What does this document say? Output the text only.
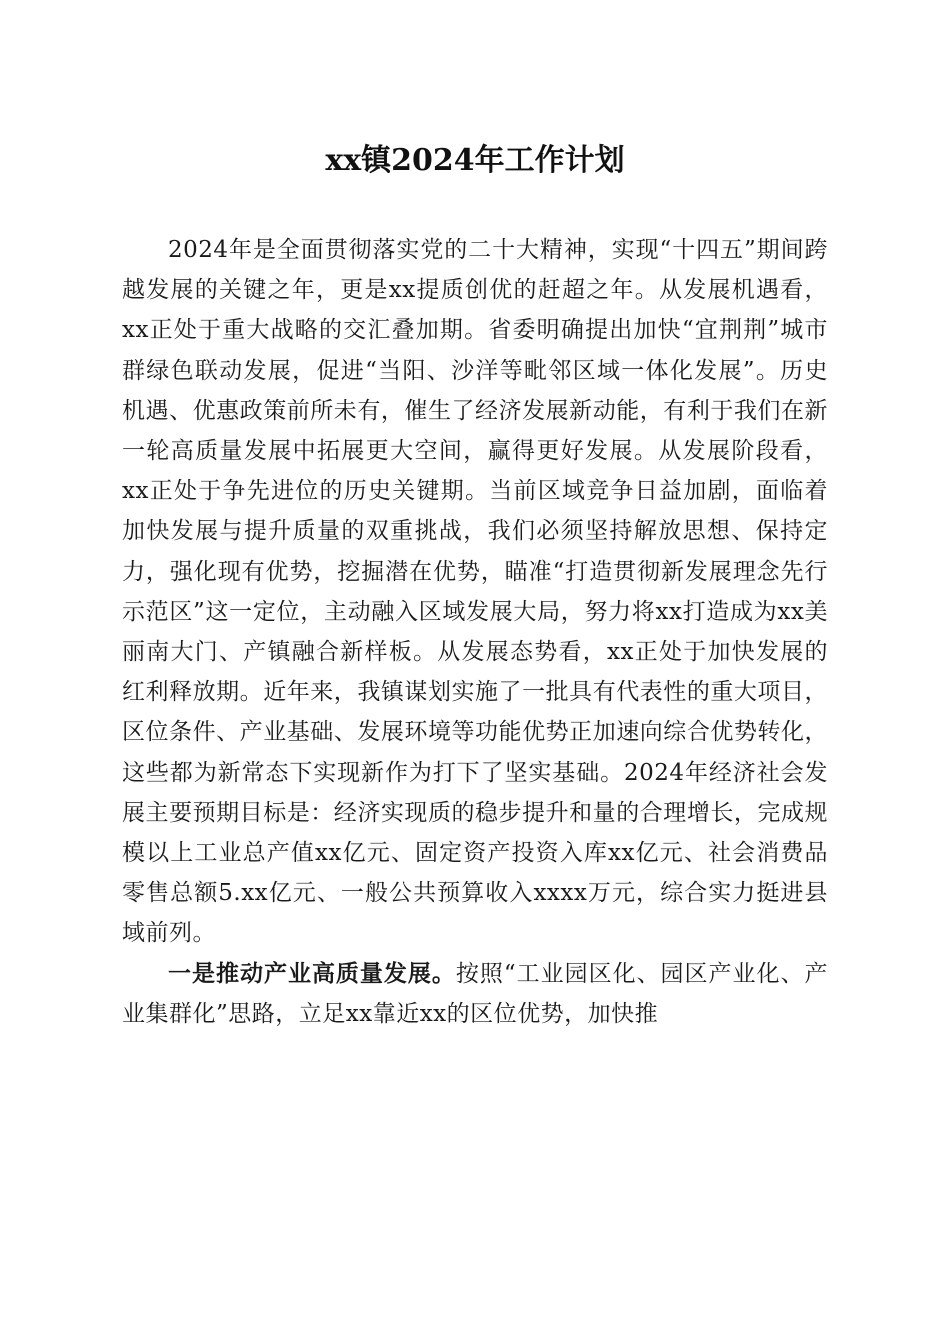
xx镇2024年工作计划

2024年是全面贯彻落实党的二十大精神，实现“十四五”期间跨越发展的关键之年，更是xx提质创优的赶超之年。从发展机遇看，xx正处于重大战略的交汇叠加期。省委明确提出加快“宜荆荆”城市群绿色联动发展，促进“当阳、沙洋等毗邻区域一体化发展”。历史机遇、优惠政策前所未有，催生了经济发展新动能，有利于我们在新一轮高质量发展中拓展更大空间，赢得更好发展。从发展阶段看，xx正处于争先进位的历史关键期。当前区域竞争日益加剧，面临着加快发展与提升质量的双重挑战，我们必须坚持解放思想、保持定力，强化现有优势，挖掘潜在优势，瞄准“打造贯彻新发展理念先行示范区”这一定位，主动融入区域发展大局，努力将xx打造成为xx美丽南大门、产镇融合新样板。从发展态势看，xx正处于加快发展的红利释放期。近年来，我镇谋划实施了一批具有代表性的重大项目，区位条件、产业基础、发展环境等功能优势正加速向综合优势转化，这些都为新常态下实现新作为打下了坚实基础。2024年经济社会发展主要预期目标是：经济实现质的稳步提升和量的合理增长，完成规模以上工业总产值xx亿元、固定资产投资入库xx亿元、社会消费品零售总额5.xx亿元、一般公共预算收入xxxx万元，综合实力挺进县域前列。

一是推动产业高质量发展。按照“工业园区化、园区产业化、产业集群化”思路，立足xx靠近xx的区位优势，加快推
